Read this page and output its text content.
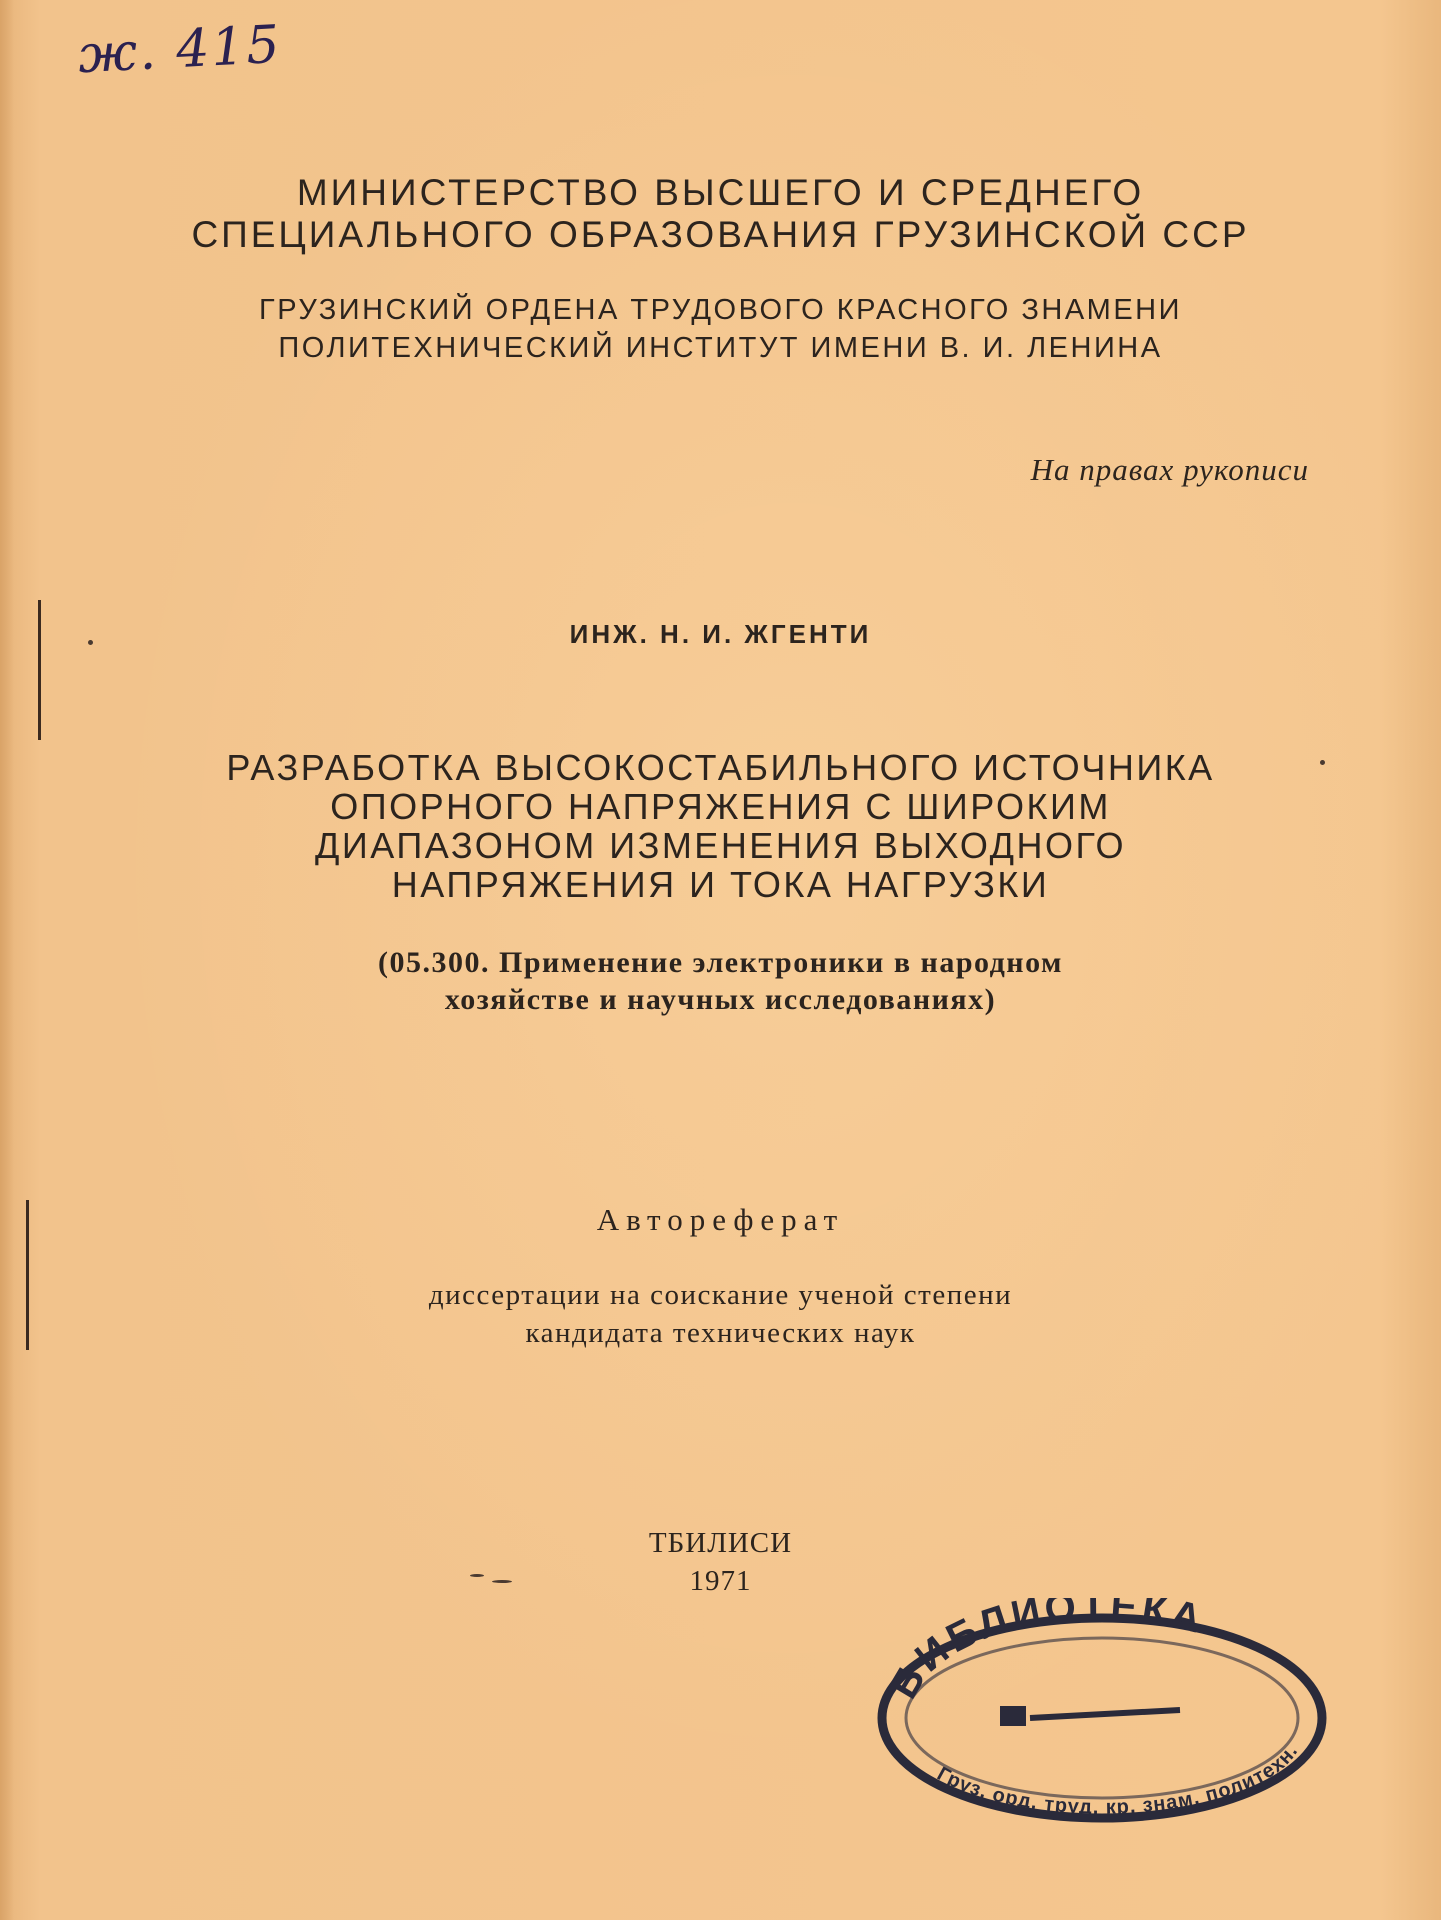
ж. 415
МИНИСТЕРСТВО ВЫСШЕГО И СРЕДНЕГО
СПЕЦИАЛЬНОГО ОБРАЗОВАНИЯ ГРУЗИНСКОЙ ССР
ГРУЗИНСКИЙ ОРДЕНА ТРУДОВОГО КРАСНОГО ЗНАМЕНИ
ПОЛИТЕХНИЧЕСКИЙ ИНСТИТУТ ИМЕНИ В. И. ЛЕНИНА
На правах рукописи
ИНЖ. Н. И. ЖГЕНТИ
РАЗРАБОТКА ВЫСОКОСТАБИЛЬНОГО ИСТОЧНИКА
ОПОРНОГО НАПРЯЖЕНИЯ С ШИРОКИМ
ДИАПАЗОНОМ ИЗМЕНЕНИЯ ВЫХОДНОГО
НАПРЯЖЕНИЯ И ТОКА НАГРУЗКИ
(05.300. Применение электроники в народном
хозяйстве и научных исследованиях)
Автореферат
диссертации на соискание ученой степени
кандидата технических наук
ТБИЛИСИ
1971
БИБЛИОТЕКА
Груз. орд. труд. кр. знам. политехн.
